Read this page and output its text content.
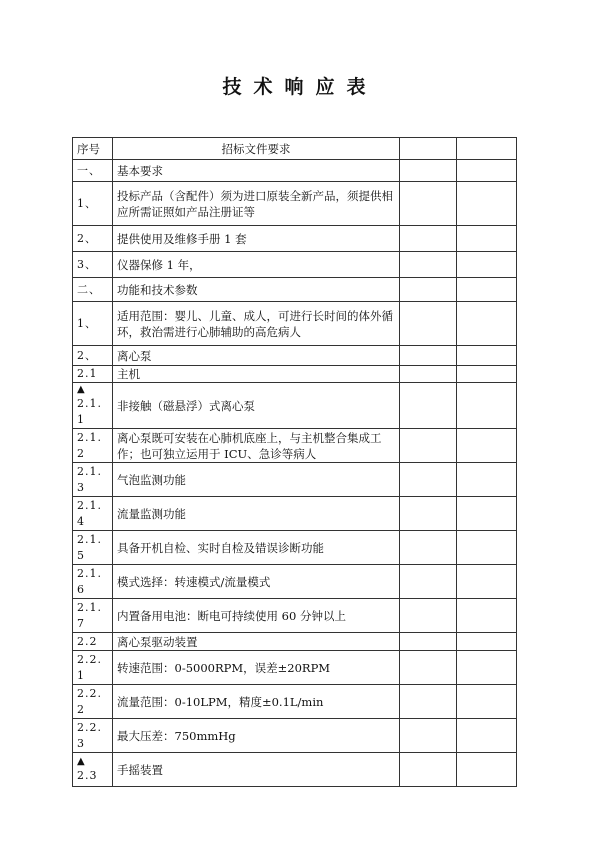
技术响应表
序号	招标文件要求		
一、	基本要求		
1、	投标产品（含配件）须为进口原装全新产品，须提供相应所需证照如产品注册证等		
2、	提供使用及维修手册 1 套		
3、	仪器保修 1 年，		
二、	功能和技术参数		
1、	适用范围：婴儿、儿童、成人，可进行长时间的体外循环，救治需进行心肺辅助的高危病人		
2、	离心泵		
2.1	主机		

▲
2.1.1	非接触（磁悬浮）式离心泵		
2.1.2	离心泵既可安装在心肺机底座上，与主机整合集成工作；也可独立运用于 ICU、急诊等病人		
2.1.3	气泡监测功能		
2.1.4	流量监测功能		
2.1.5	具备开机自检、实时自检及错误诊断功能		
2.1.6	模式选择：转速模式/流量模式		
2.1.7	内置备用电池：断电可持续使用 60 分钟以上		
2.2	离心泵驱动装置		
2.2.1	转速范围：0-5000RPM，误差±20RPM		
2.2.2	流量范围：0-10LPM，精度±0.1L/min		
2.2.3	最大压差：750mmHg		

▲
2.3	手摇装置		
